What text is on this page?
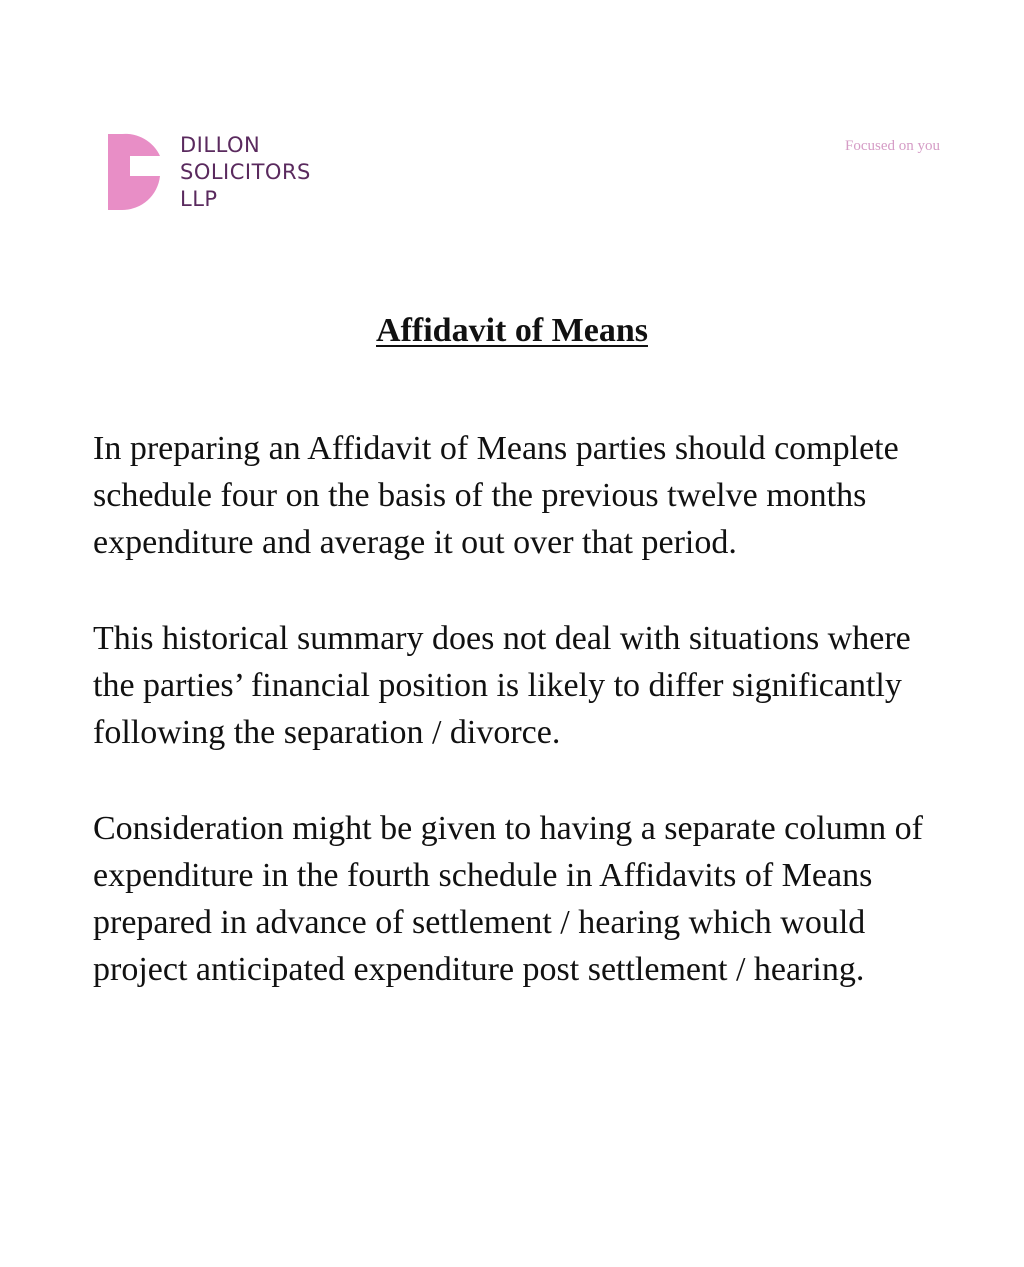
DILLON
SOLICITORS
LLP
Focused on you
Affidavit of Means

In preparing an Affidavit of Means parties should complete schedule four on the basis of the previous twelve months expenditure and average it out over that period.

This historical summary does not deal with situations where the parties’ financial position is likely to differ significantly following the separation / divorce.

Consideration might be given to having a separate column of expenditure in the fourth schedule in Affidavits of Means prepared in advance of settlement / hearing which would project anticipated expenditure post settlement / hearing.
